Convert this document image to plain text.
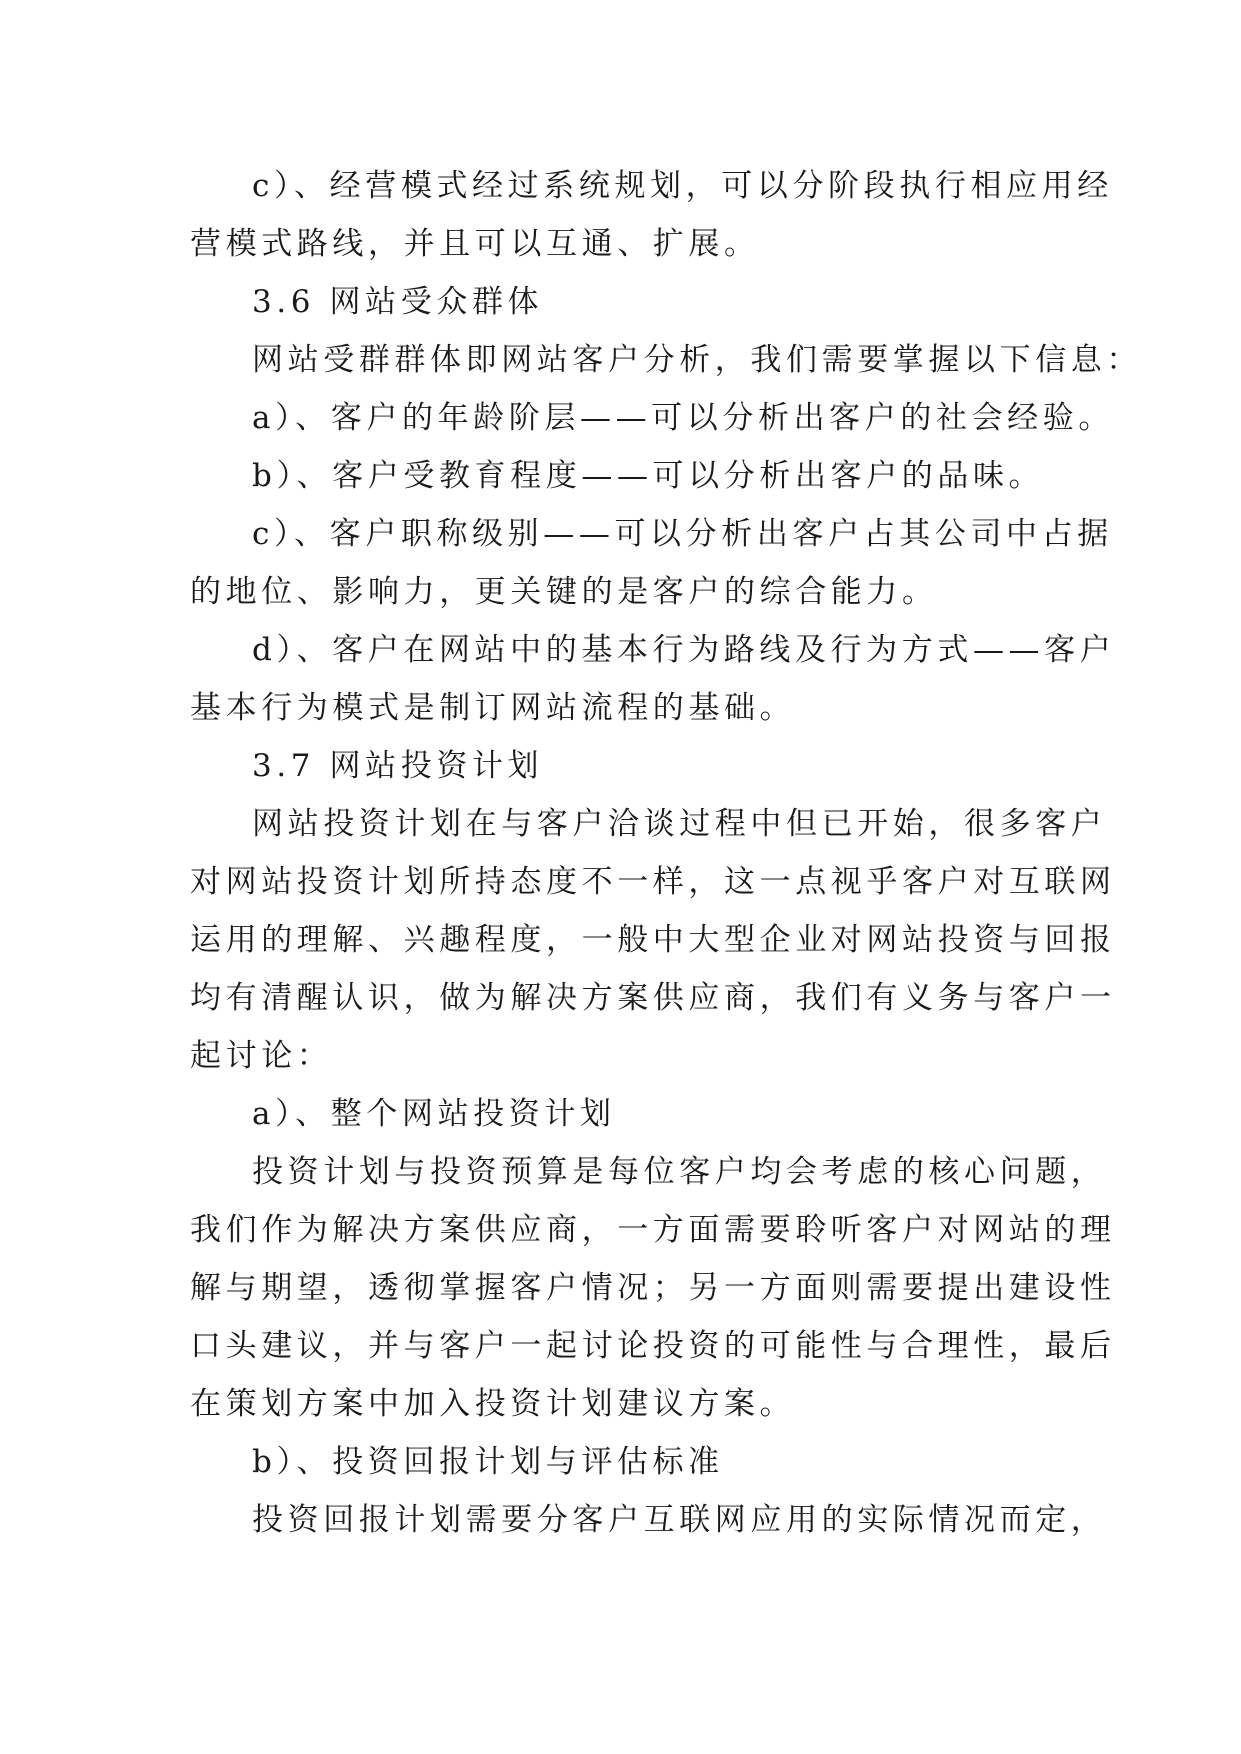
c）、经营模式经过系统规划，可以分阶段执行相应用经
营模式路线，并且可以互通、扩展。
3.6 网站受众群体
网站受群群体即网站客户分析，我们需要掌握以下信息：
a）、客户的年龄阶层——可以分析出客户的社会经验。
b）、客户受教育程度——可以分析出客户的品味。
c）、客户职称级别——可以分析出客户占其公司中占据
的地位、影响力，更关键的是客户的综合能力。
d）、客户在网站中的基本行为路线及行为方式——客户
基本行为模式是制订网站流程的基础。
3.7 网站投资计划
网站投资计划在与客户洽谈过程中但已开始，很多客户
对网站投资计划所持态度不一样，这一点视乎客户对互联网
运用的理解、兴趣程度，一般中大型企业对网站投资与回报
均有清醒认识，做为解决方案供应商，我们有义务与客户一
起讨论：
a）、整个网站投资计划
投资计划与投资预算是每位客户均会考虑的核心问题，
我们作为解决方案供应商，一方面需要聆听客户对网站的理
解与期望，透彻掌握客户情况；另一方面则需要提出建设性
口头建议，并与客户一起讨论投资的可能性与合理性，最后
在策划方案中加入投资计划建议方案。
b）、投资回报计划与评估标准
投资回报计划需要分客户互联网应用的实际情况而定，
